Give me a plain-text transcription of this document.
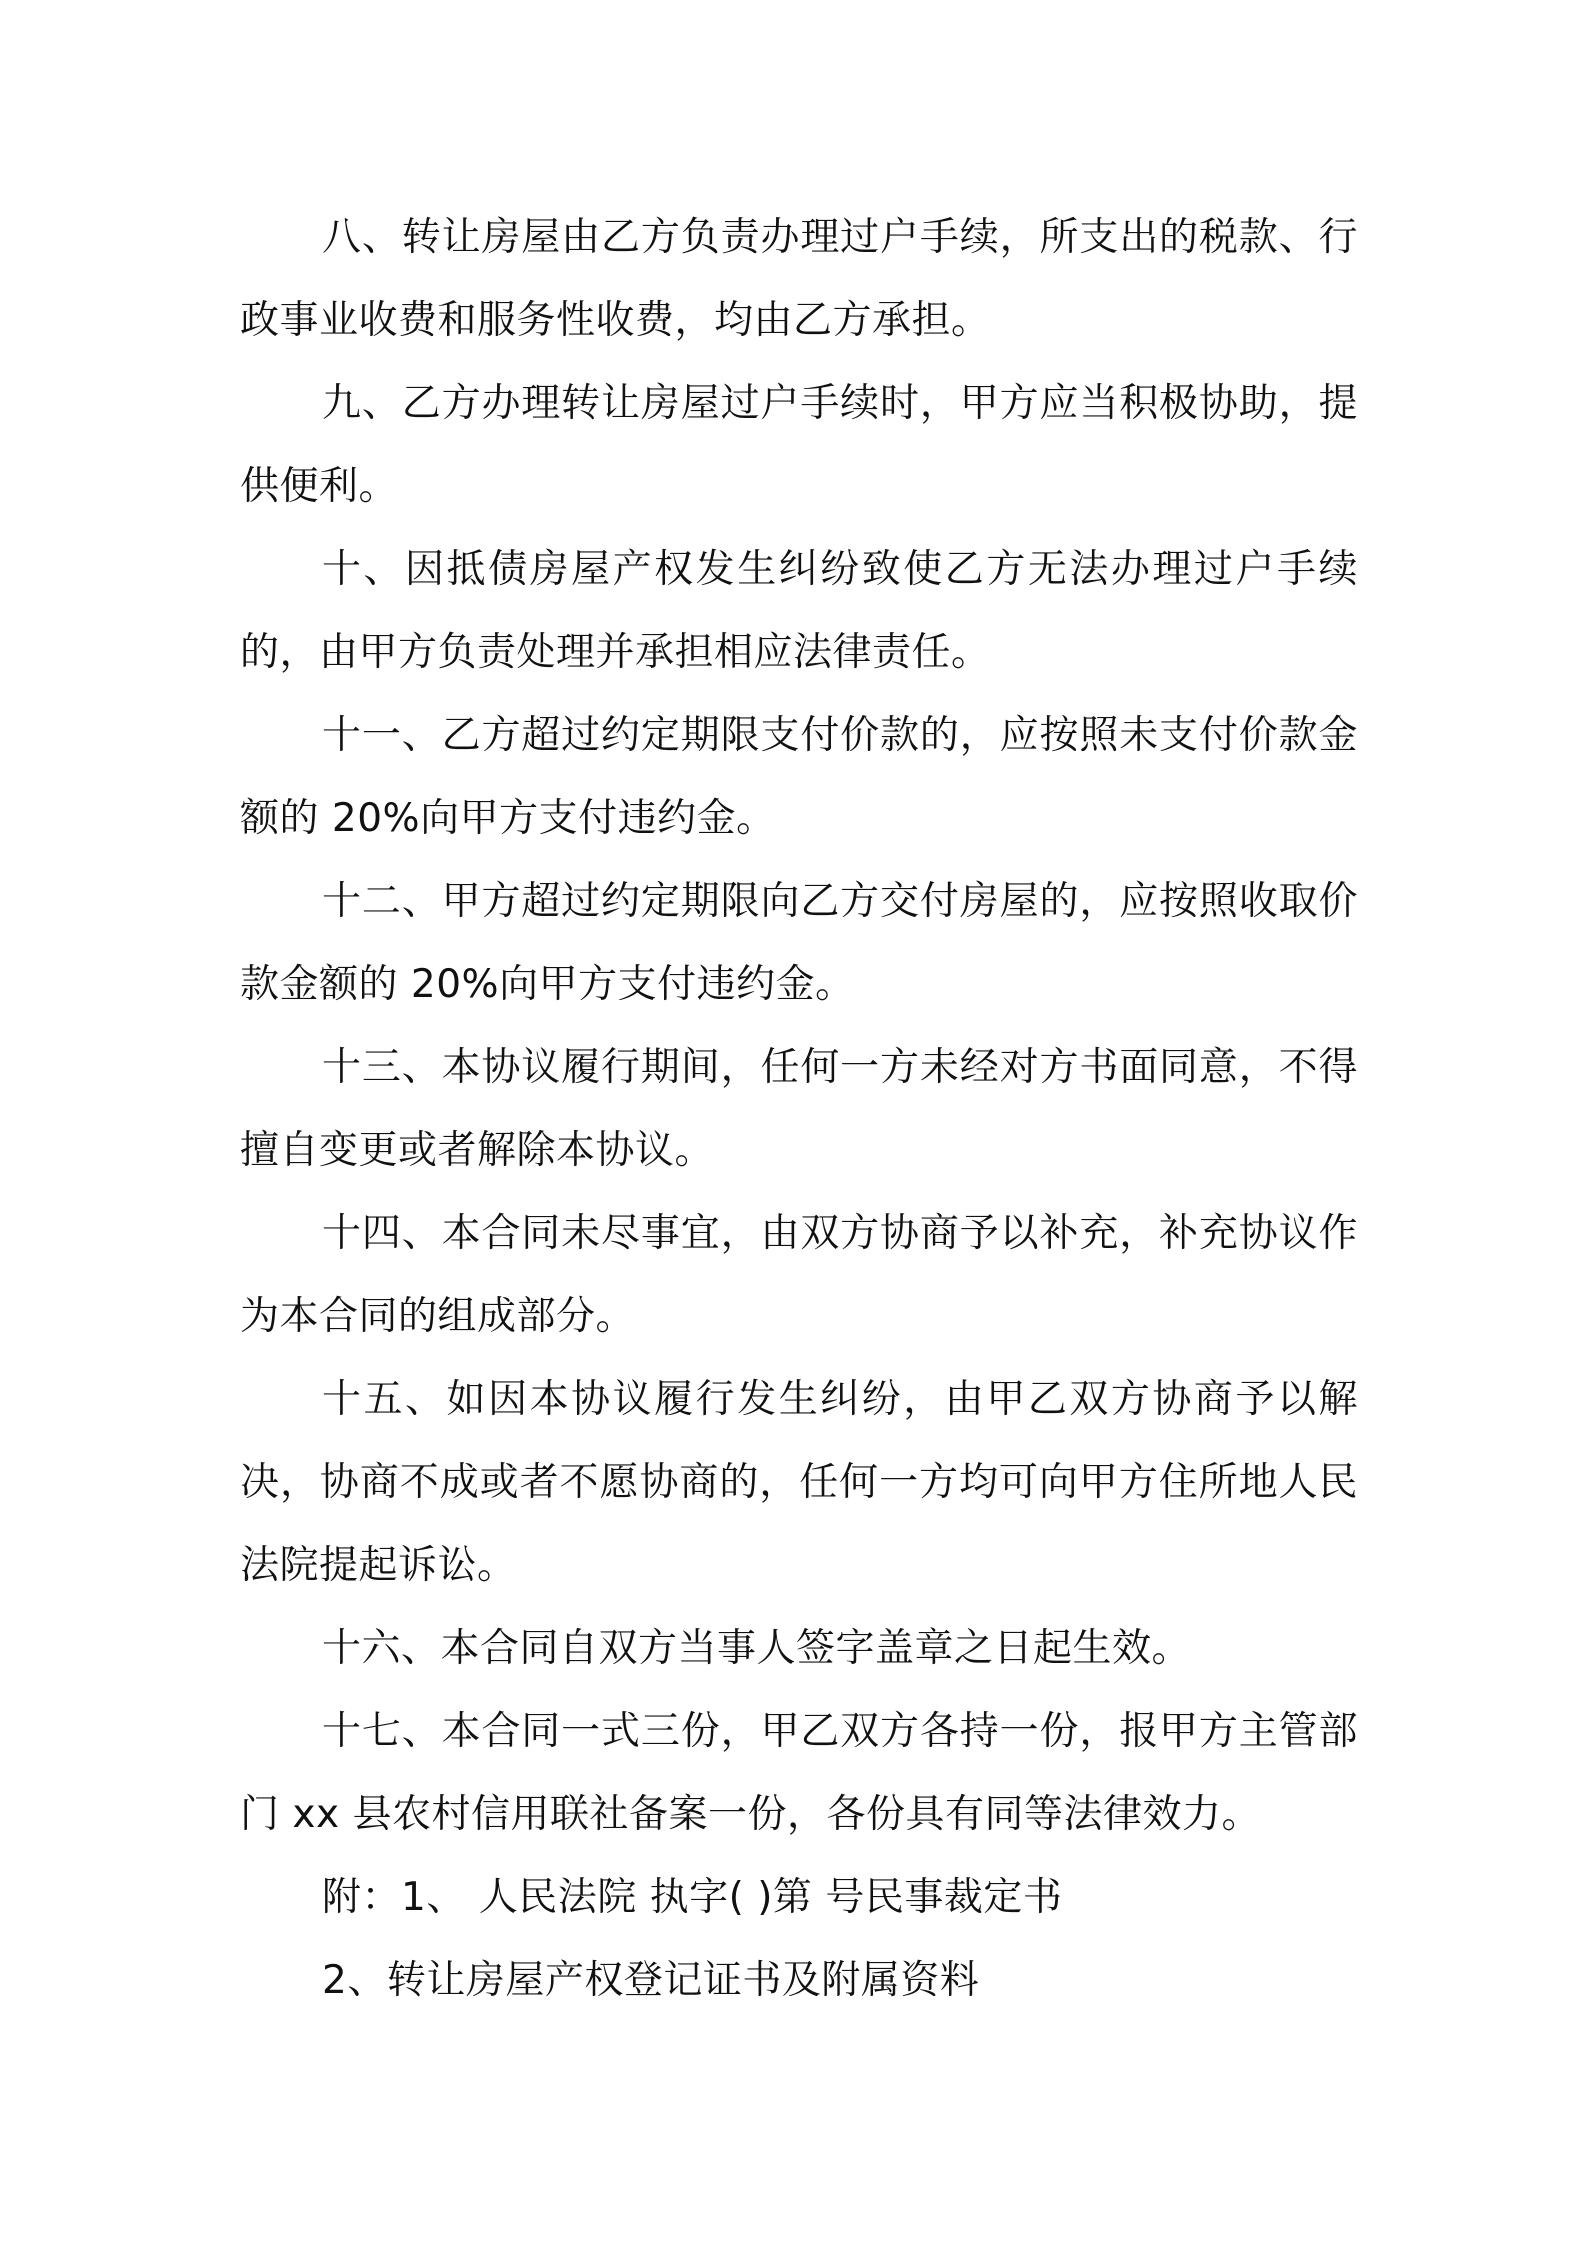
八、转让房屋由乙方负责办理过户手续，所支出的税款、行政事业收费和服务性收费，均由乙方承担。

九、乙方办理转让房屋过户手续时，甲方应当积极协助，提供便利。

十、因抵债房屋产权发生纠纷致使乙方无法办理过户手续的，由甲方负责处理并承担相应法律责任。

十一、乙方超过约定期限支付价款的，应按照未支付价款金额的 20%向甲方支付违约金。

十二、甲方超过约定期限向乙方交付房屋的，应按照收取价款金额的 20%向甲方支付违约金。

十三、本协议履行期间，任何一方未经对方书面同意，不得擅自变更或者解除本协议。

十四、本合同未尽事宜，由双方协商予以补充，补充协议作为本合同的组成部分。

十五、如因本协议履行发生纠纷，由甲乙双方协商予以解决，协商不成或者不愿协商的，任何一方均可向甲方住所地人民法院提起诉讼。

十六、本合同自双方当事人签字盖章之日起生效。

十七、本合同一式三份，甲乙双方各持一份，报甲方主管部门 xx 县农村信用联社备案一份，各份具有同等法律效力。

附：1、 人民法院 执字( )第 号民事裁定书

2、转让房屋产权登记证书及附属资料
